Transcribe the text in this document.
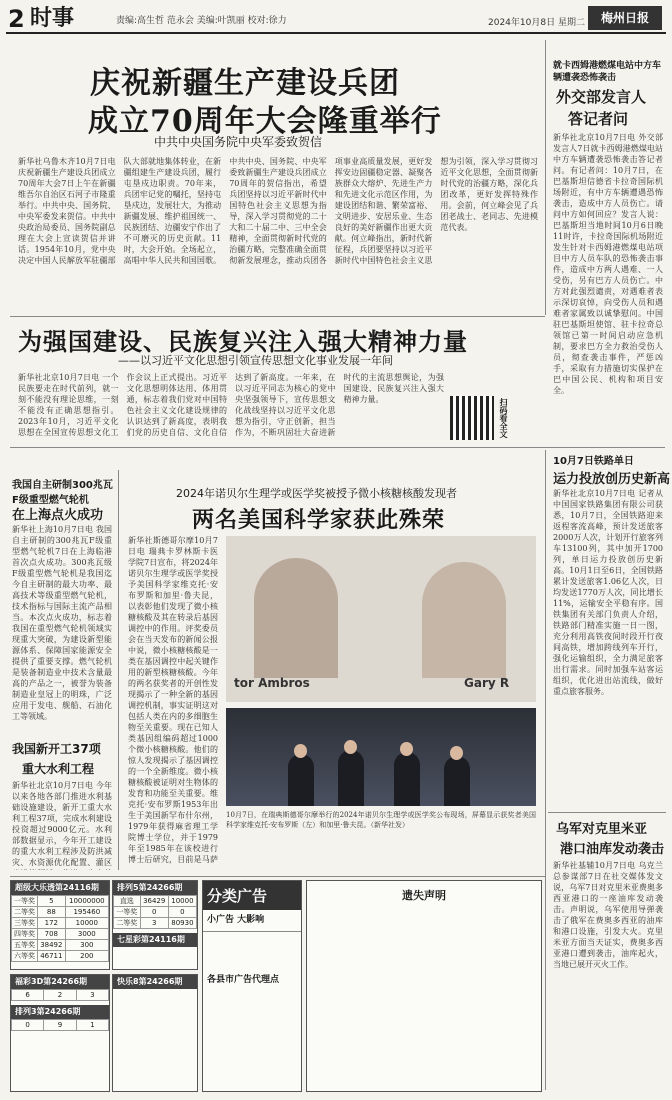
2 时事	责编:高生哲 范永会 美编:叶凯丽 校对:徐力	2024年10月8日 星期二	梅州日报
庆祝新疆生产建设兵团
成立70周年大会隆重举行
中共中央国务院中央军委致贺信
新华社乌鲁木齐10月7日电 庆祝新疆生产建设兵团成立70周年大会7日上午在新疆维吾尔自治区石河子市隆重举行。中共中央、国务院、中央军委发来贺信。中共中央政治局委员、国务院副总理在大会上宣读贺信并讲话。1954年10月，党中央决定中国人民解放军驻疆部队大部就地集体转业，在新疆组建生产建设兵团，履行屯垦戍边职责。70年来，兵团牢记党的嘱托，坚持屯垦戍边，发展壮大，为推动新疆发展、维护祖国统一、民族团结、边疆安宁作出了不可磨灭的历史贡献。11时，大会开始。全场起立，高唱中华人民共和国国歌。中共中央、国务院、中央军委致新疆生产建设兵团成立70周年的贺信指出，希望兵团坚持以习近平新时代中国特色社会主义思想为指导，深入学习贯彻党的二十大和二十届二中、三中全会精神，全面贯彻新时代党的治疆方略，完整准确全面贯彻新发展理念，推动兵团各项事业高质量发展，更好发挥安边固疆稳定器、凝聚各族群众大熔炉、先进生产力和先进文化示范区作用，为建设团结和谐、繁荣富裕、文明进步、安居乐业、生态良好的美好新疆作出更大贡献。何立峰指出，新时代新征程，兵团要坚持以习近平新时代中国特色社会主义思想为引领，深入学习贯彻习近平文化思想，全面贯彻新时代党的治疆方略，深化兵团改革，更好发挥特殊作用。会前，何立峰会见了兵团老战士、老同志、先进模范代表。
就卡西姆港燃煤电站中方车辆遭袭恐怖袭击
外交部发言人
答记者问
新华社北京10月7日电 外交部发言人7日就卡西姆港燃煤电站中方车辆遭袭恐怖袭击答记者问。有记者问：10月7日，在巴基斯坦信德省卡拉奇国际机场附近，有中方车辆遭遇恐怖袭击，造成中方人员伤亡。请问中方如何回应？发言人说：巴基斯坦当地时间10月6日晚11时许，卡拉奇国际机场附近发生针对卡西姆港燃煤电站项目中方人员车队的恐怖袭击事件，造成中方两人遇难、一人受伤，另有巴方人员伤亡。中方对此强烈谴责，对遇难者表示深切哀悼，向受伤人员和遇难者家属致以诚挚慰问。中国驻巴基斯坦使馆、驻卡拉奇总领馆已第一时间启动应急机制，要求巴方全力救治受伤人员，彻查袭击事件，严惩凶手，采取有力措施切实保护在巴中国公民、机构和项目安全。
为强国建设、民族复兴注入强大精神力量
——以习近平文化思想引领宣传思想文化事业发展一年间
新华社北京10月7日电 一个民族要走在时代前列，就一刻不能没有理论思维，一刻不能没有正确思想指引。2023年10月，习近平文化思想在全国宣传思想文化工作会议上正式提出。习近平文化思想明体达用、体用贯通，标志着我们党对中国特色社会主义文化建设规律的认识达到了新高度，表明我们党的历史自信、文化自信达到了新高度。一年来，在以习近平同志为核心的党中央坚强领导下，宣传思想文化战线坚持以习近平文化思想为指引，守正创新，担当作为，不断巩固壮大奋进新时代的主流思想舆论，为强国建设、民族复兴注入强大精神力量。	扫码看全文
我国自主研制300兆瓦
F级重型燃气轮机
在上海点火成功
新华社上海10月7日电 我国自主研制的300兆瓦F级重型燃气轮机7日在上海临港首次点火成功。300兆瓦级F级重型燃气轮机是我国迄今自主研制的最大功率、最高技术等级重型燃气轮机，技术指标与国际主流产品相当。本次点火成功，标志着我国在重型燃气轮机领域实现重大突破，为建设新型能源体系、保障国家能源安全提供了重要支撑。燃气轮机是装备制造业中技术含量最高的产品之一，被誉为装备制造业皇冠上的明珠，广泛应用于发电、舰船、石油化工等领域。
我国新开工37项
重大水利工程
新华社北京10月7日电 今年以来各地各部门推进水利基础设施建设，新开工重大水利工程37项，完成水利建设投资超过9000亿元。水利部数据显示，今年开工建设的重大水利工程涉及防洪减灾、水资源优化配置、灌区
2024年诺贝尔生理学或医学奖被授予微小核糖核酸发现者
两名美国科学家获此殊荣
新华社斯德哥尔摩10月7日电 瑞典卡罗林斯卡医学院7日宣布，将2024年诺贝尔生理学或医学奖授予美国科学家维克托·安布罗斯和加里·鲁夫昆，以表彰他们发现了微小核糖核酸及其在转录后基因调控中的作用。评奖委员会在当天发布的新闻公报中说，微小核糖核酸是一类在基因调控中起关键作用的新型核糖核酸。今年的两名获奖者的开创性发现揭示了一种全新的基因调控机制，事实证明这对包括人类在内的多细胞生物至关重要。现在已知人类基因组编码超过1000个微小核糖核酸。他们的惊人发现揭示了基因调控的一个全新维度。微小核糖核酸被证明对生物体的发育和功能至关重要。维克托·安布罗斯1953年出生于美国新罕布什尔州，1979年获得麻省理工学院博士学位，并于1979年至1985年在该校进行博士后研究，目前是马萨
tor Ambros	Gary R
10月7日，在瑞典斯德哥尔摩举行的2024年诺贝尔生理学或医学奖公布现场，屏幕显示获奖者美国科学家维克托·安布罗斯（左）和加里·鲁夫昆。（新华社发）
10月7日铁路单日
运力投放创历史新高
新华社北京10月7日电 记者从中国国家铁路集团有限公司获悉，10月7日，全国铁路迎来返程客流高峰，预计发送旅客2000万人次，计划开行旅客列车13100列，其中加开1700列，单日运力投放创历史新高。10月1日至6日，全国铁路累计发送旅客1.06亿人次，日均发送1770万人次，同比增长11%，运输安全平稳有序。国铁集团有关部门负责人介绍，铁路部门精准实施一日一图，充分利用高铁夜间时段开行夜间高铁，增加跨线列车开行，强化运输组织，全力满足旅客出行需求。同时加强车站客运组织，优化进出站流线，做好重点旅客服务。
乌军对克里米亚
港口油库发动袭击
新华社基辅10月7日电 乌克兰总参谋部7日在社交媒体发文说，乌军7日对克里米亚费奥多西亚港口的一座油库发动袭击。声明说，乌军使用导弹袭击了俄军在费奥多西亚的油库和港口设施，引发大火。克里米亚方面当天证实，费奥多西亚港口遭到袭击，油库起火，当地已展开灭火工作。
超级大乐透第24116期
一等奖	5	10000000
二等奖	88	195460
三等奖	172	10000
四等奖	708	3000
五等奖	38492	300
六等奖	46711	200
排列5第24266期
直选	36429	10000
一等奖	0	0
二等奖	3	80930
七星彩第24116期
福彩3D第24266期
6	2	3
排列3第24266期
0	9	1
快乐8第24266期
分类广告
小广告 大影响
各县市广告代理点
遗失声明
